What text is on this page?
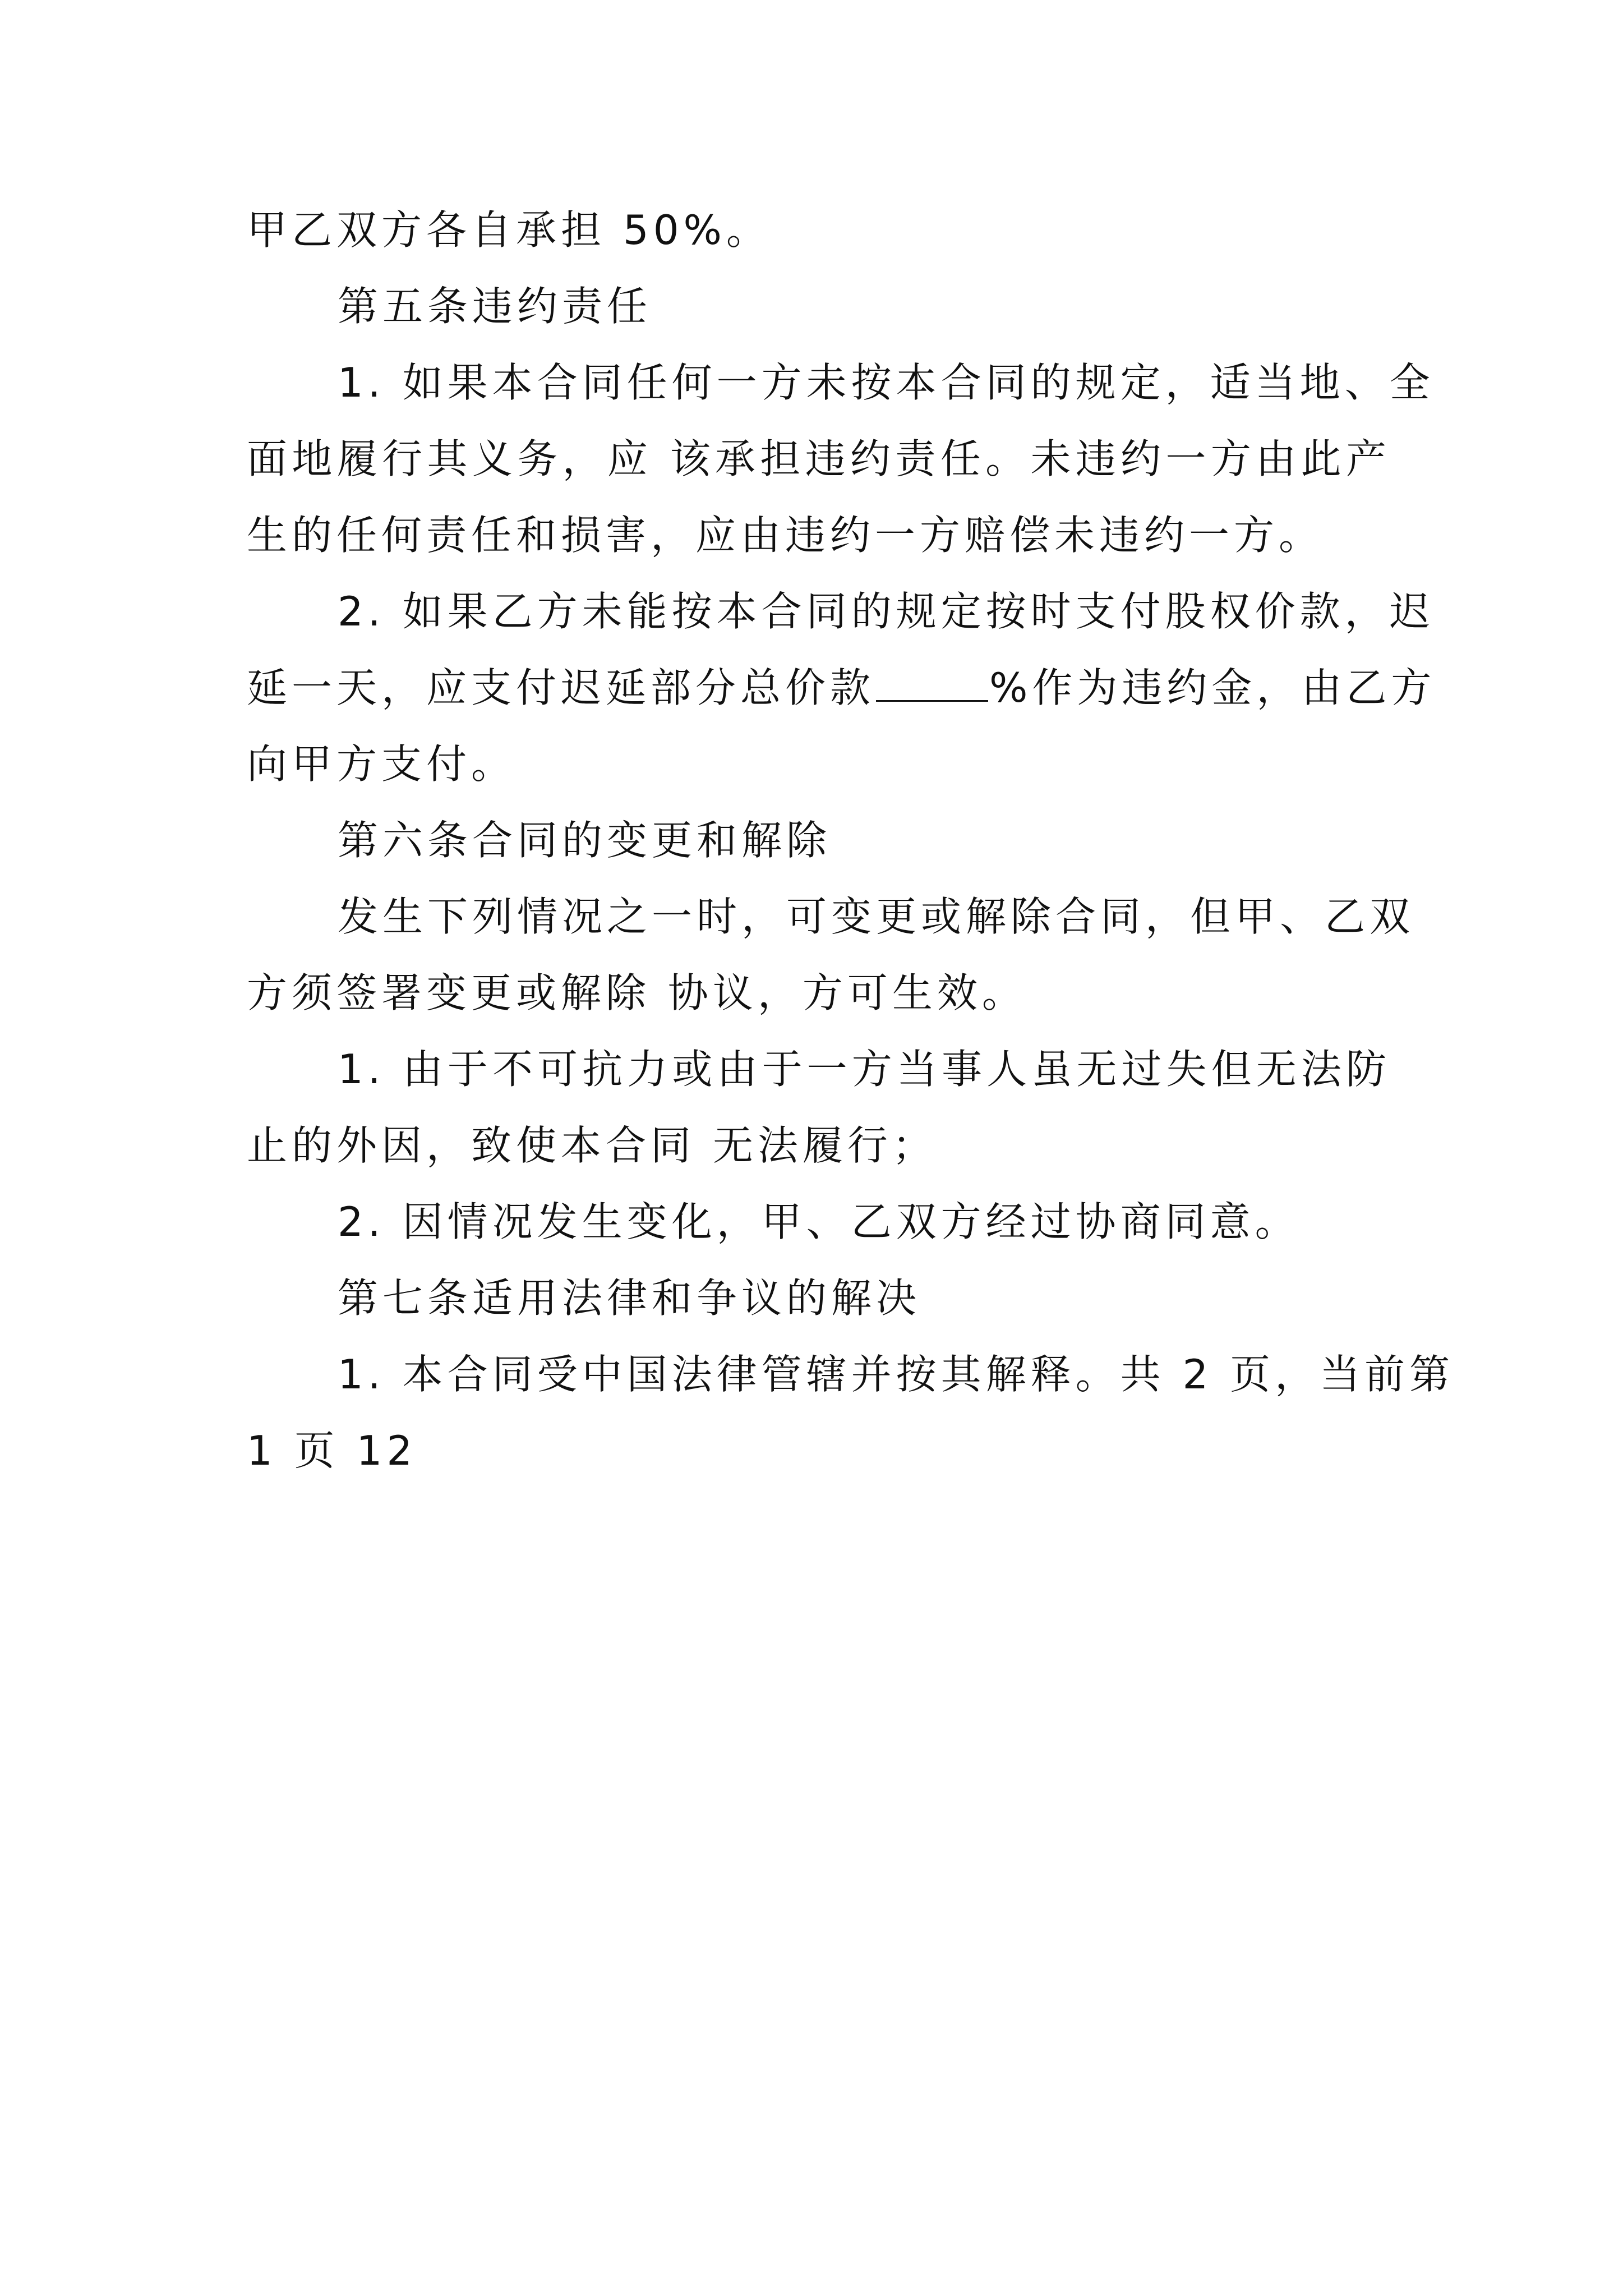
甲乙双方各自承担 50%。
第五条违约责任
1. 如果本合同任何一方未按本合同的规定，适当地、全
面地履行其义务，应 该承担违约责任。未违约一方由此产
生的任何责任和损害，应由违约一方赔偿未违约一方。
2. 如果乙方未能按本合同的规定按时支付股权价款，迟
延一天，应支付迟延部分总价款	%作为违约金，由乙方
向甲方支付。
第六条合同的变更和解除
发生下列情况之一时，可变更或解除合同，但甲、乙双
方须签署变更或解除 协议，方可生效。
1. 由于不可抗力或由于一方当事人虽无过失但无法防
止的外因，致使本合同 无法履行；
2. 因情况发生变化，甲、乙双方经过协商同意。
第七条适用法律和争议的解决
1. 本合同受中国法律管辖并按其解释。共 2 页，当前第
1 页 12
